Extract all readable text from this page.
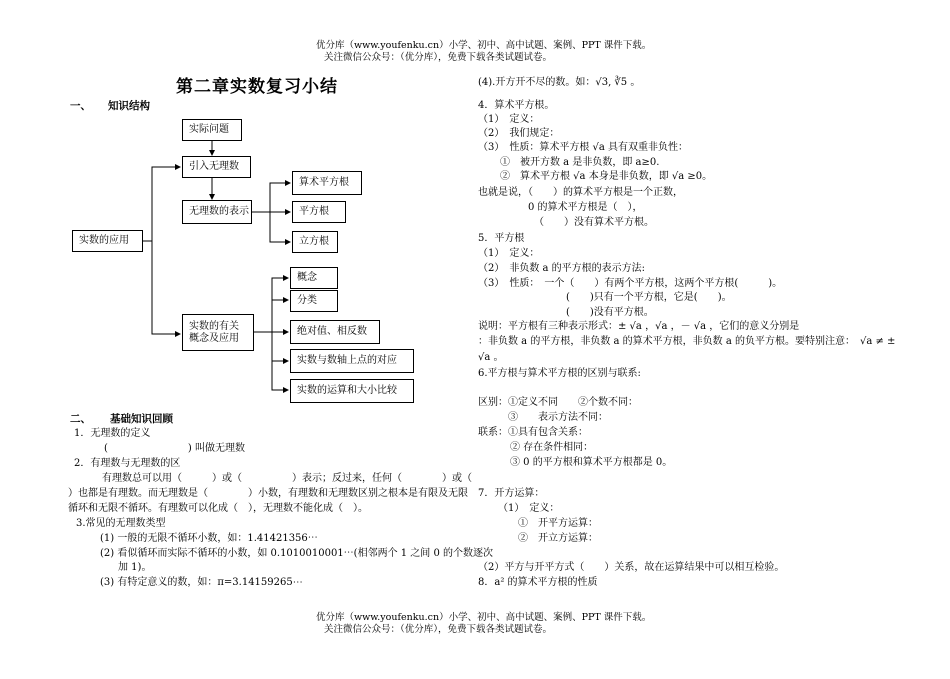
优分库（www.youfenku.cn）小学、初中、高中试题、案例、PPT 课件下载。
关注微信公众号：（优分库），免费下载各类试题试卷。
第二章实数复习小结
一、 知识结构
实数的应用
实际问题
引入无理数
无理数的表示
算术平方根
平方根
实数的有关
概念及应用
立方根
概念
分类
绝对值、相反数
实数与数轴上点的对应
实数的运算和大小比较
二、 基础知识回顾
1．无理数的定义
(　　　　　　　　) 叫做无理数
2．有理数与无理数的区
有理数总可以用（　　　）或（　　　　　）表示；反过来，任何（　　　　）或（
）也都是有理数。而无理数是（　　　　）小数，有理数和无理数区别之根本是有限及无限
循环和无限不循环。有理数可以化成（　），无理数不能化成（　）。
3.常见的无理数类型
(1) 一般的无限不循环小数，如：1.41421356⋯
(2) 看似循环而实际不循环的小数，如 0.1010010001⋯(相邻两个 1 之间 0 的个数逐次
加 1)。
(3) 有特定意义的数，如：π=3.14159265⋯
(4).开方开不尽的数。如：√3, ∛5 。
4．算术平方根。
（1）　定义：
（2）　我们规定：
（3）　性质：算术平方根 √a 具有双重非负性：
①　被开方数 a 是非负数，即 a≥0.
②　算术平方根 √a 本身是非负数，即 √a ≥0。
也就是说，（　　）的算术平方根是一个正数，
0 的算术平方根是（　），
（　　）没有算术平方根。
5．平方根
（1）　定义：
（2）　非负数 a 的平方根的表示方法:
（3）　性质：　一个（　　）有两个平方根，这两个平方根(　　　)。
(　　)只有一个平方根，它是(　　)。
(　　)没有平方根。
说明：平方根有三种表示形式：± √a ，√a ，－ √a ，它们的意义分别是
：非负数 a 的平方根，非负数 a 的算术平方根，非负数 a 的负平方根。要特别注意：　√a ≠ ±
√a 。
6.平方根与算术平方根的区别与联系:
区别：①定义不同　　②个数不同：
③　　表示方法不同：
联系：①具有包含关系：
② 存在条件相同：
③ 0 的平方根和算术平方根都是 0。
7．开方运算：
（1）　定义：
①　开平方运算：
②　开立方运算：
（2）平方与开平方式（　　）关系，故在运算结果中可以相互检验。
8．a² 的算术平方根的性质
优分库（www.youfenku.cn）小学、初中、高中试题、案例、PPT 课件下载。
关注微信公众号：（优分库），免费下载各类试题试卷。
